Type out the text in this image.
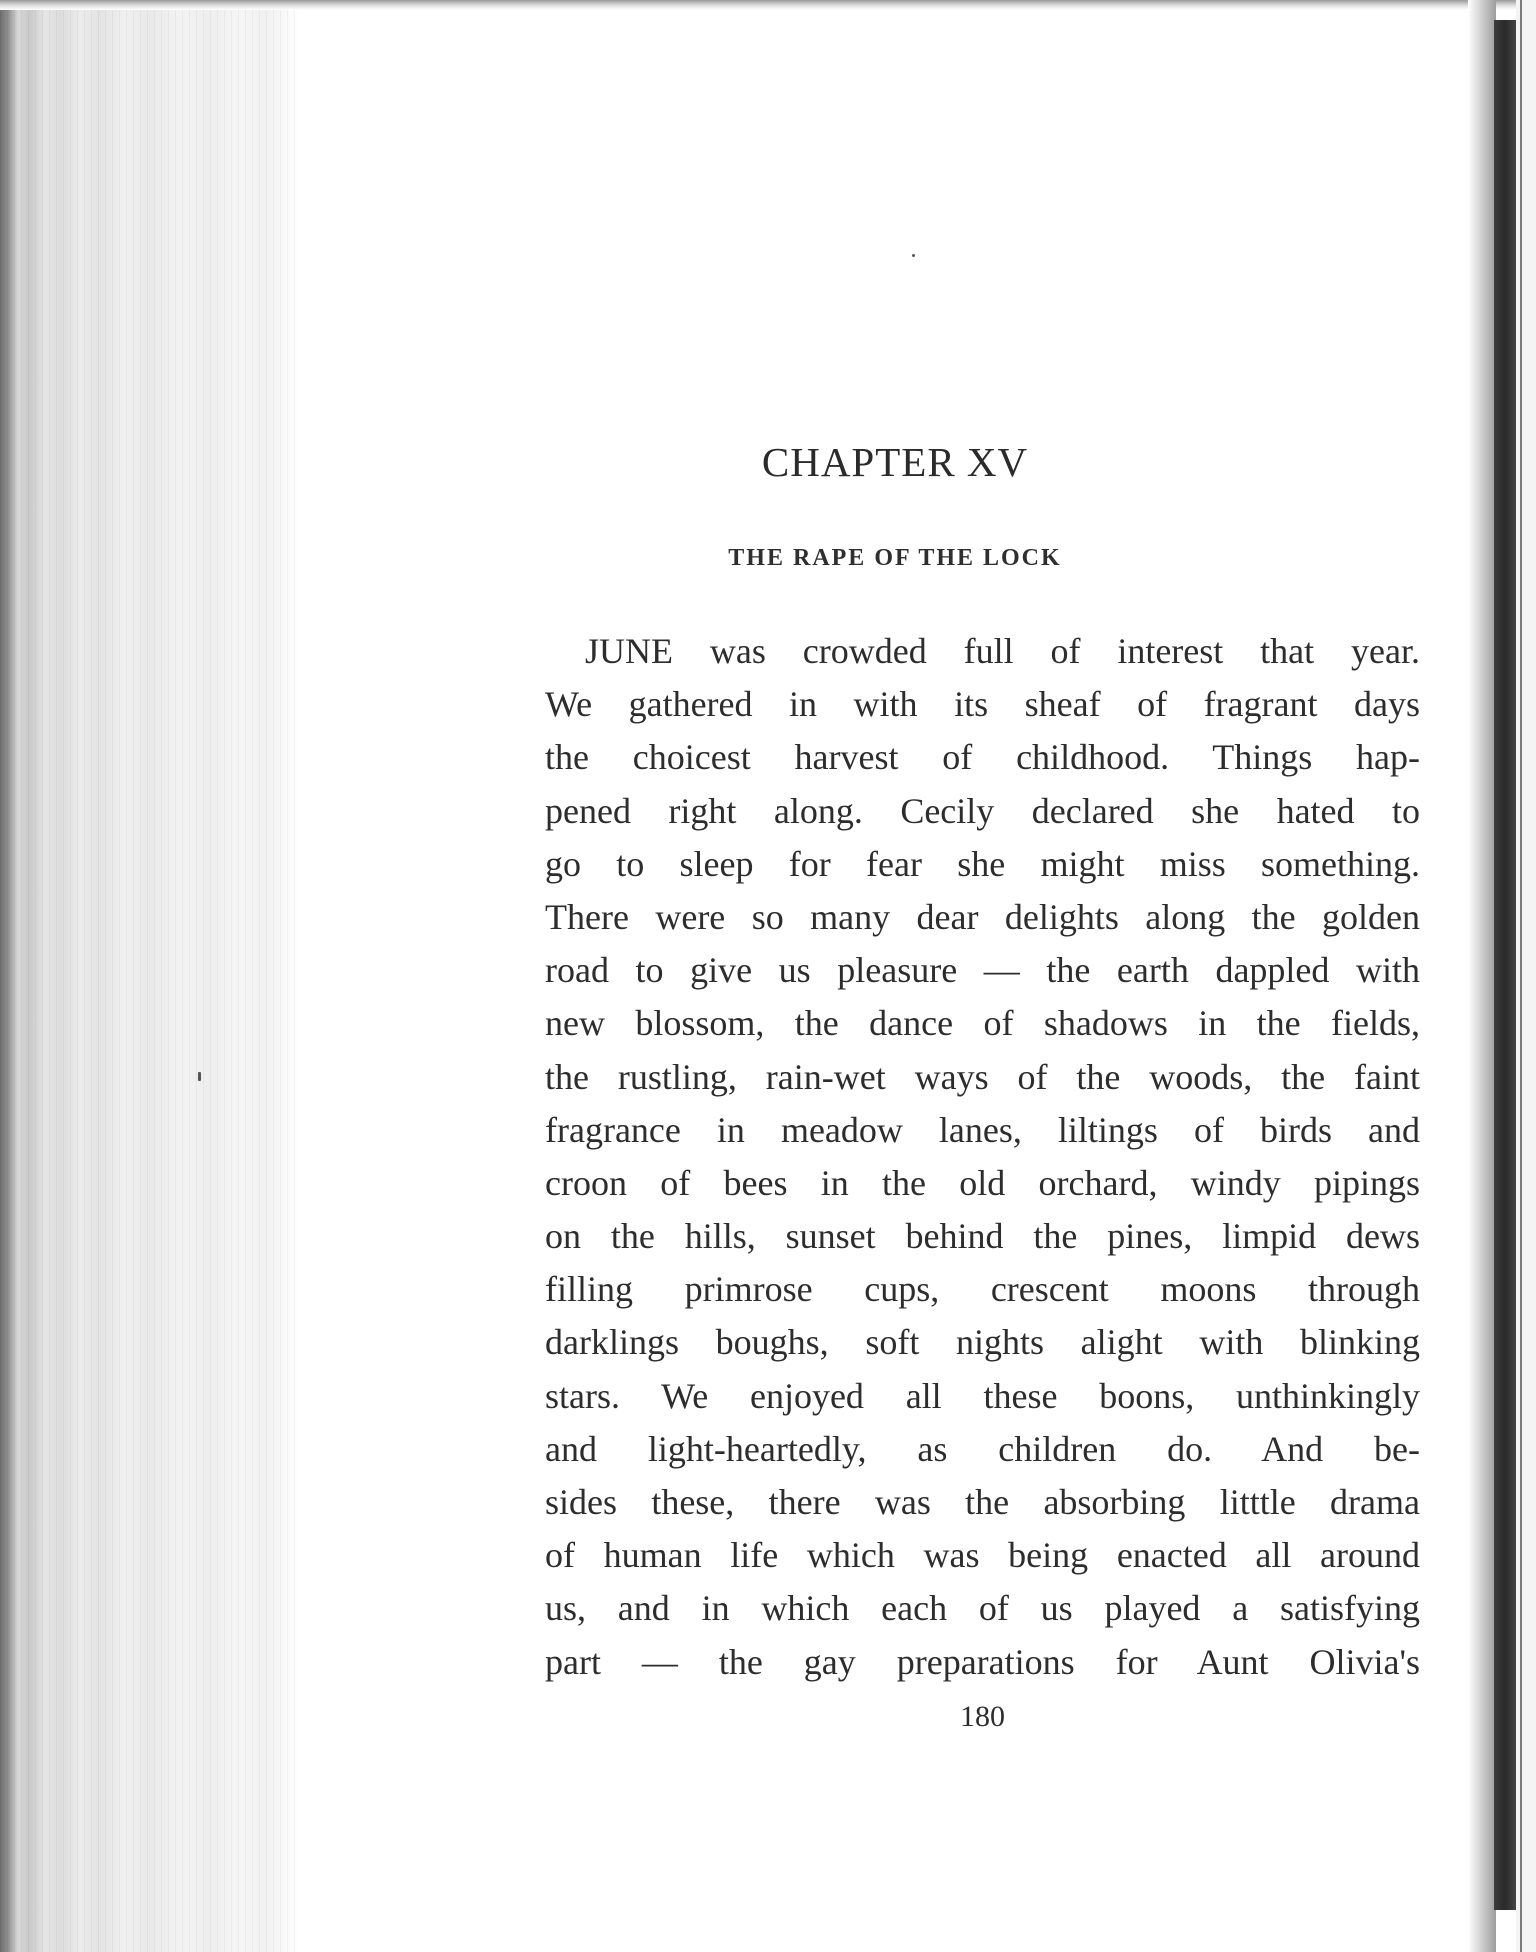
CHAPTER XV
THE RAPE OF THE LOCK
JUNE was crowded full of interest that year.
We gathered in with its sheaf of fragrant days
the choicest harvest of childhood. Things hap-
pened right along. Cecily declared she hated to
go to sleep for fear she might miss something.
There were so many dear delights along the golden
road to give us pleasure — the earth dappled with
new blossom, the dance of shadows in the fields,
the rustling, rain-wet ways of the woods, the faint
fragrance in meadow lanes, liltings of birds and
croon of bees in the old orchard, windy pipings
on the hills, sunset behind the pines, limpid dews
filling primrose cups, crescent moons through
darklings boughs, soft nights alight with blinking
stars. We enjoyed all these boons, unthinkingly
and light-heartedly, as children do. And be-
sides these, there was the absorbing litttle drama
of human life which was being enacted all around
us, and in which each of us played a satisfying
part — the gay preparations for Aunt Olivia's
180
